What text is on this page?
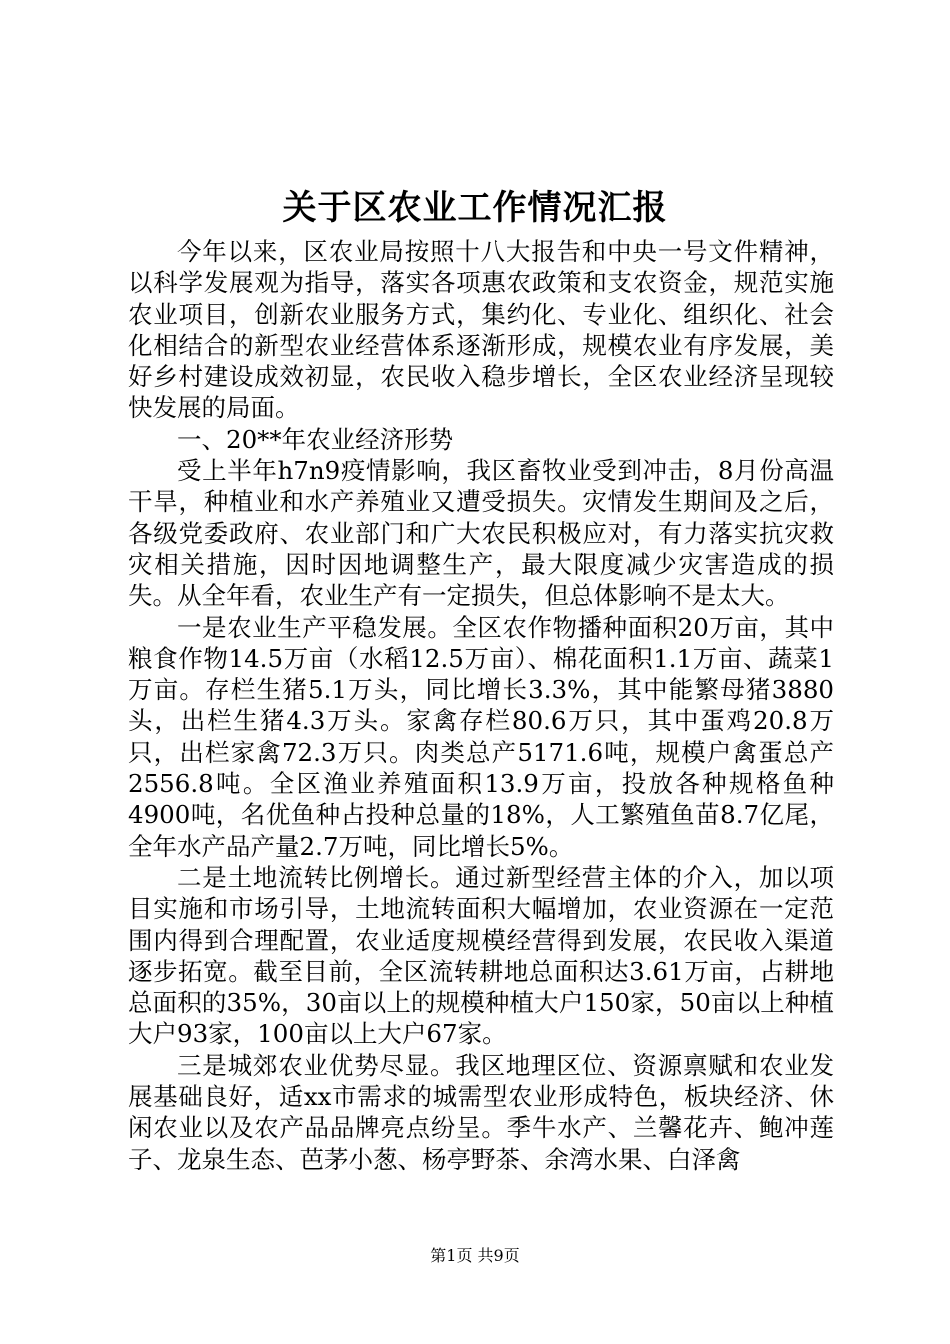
关于区农业工作情况汇报

今年以来，区农业局按照十八大报告和中央一号文件精神，以科学发展观为指导，落实各项惠农政策和支农资金，规范实施农业项目，创新农业服务方式，集约化、专业化、组织化、社会化相结合的新型农业经营体系逐渐形成，规模农业有序发展，美好乡村建设成效初显，农民收入稳步增长，全区农业经济呈现较快发展的局面。

一、20**年农业经济形势

受上半年h7n9疫情影响，我区畜牧业受到冲击，8月份高温干旱，种植业和水产养殖业又遭受损失。灾情发生期间及之后，各级党委政府、农业部门和广大农民积极应对，有力落实抗灾救灾相关措施，因时因地调整生产，最大限度减少灾害造成的损失。从全年看，农业生产有一定损失，但总体影响不是太大。

一是农业生产平稳发展。全区农作物播种面积20万亩，其中粮食作物14.5万亩（水稻12.5万亩）、棉花面积1.1万亩、蔬菜1万亩。存栏生猪5.1万头，同比增长3.3%，其中能繁母猪3880头，出栏生猪4.3万头。家禽存栏80.6万只，其中蛋鸡20.8万只，出栏家禽72.3万只。肉类总产5171.6吨，规模户禽蛋总产2556.8吨。全区渔业养殖面积13.9万亩，投放各种规格鱼种4900吨，名优鱼种占投种总量的18%，人工繁殖鱼苗8.7亿尾，全年水产品产量2.7万吨，同比增长5%。

二是土地流转比例增长。通过新型经营主体的介入，加以项目实施和市场引导，土地流转面积大幅增加，农业资源在一定范围内得到合理配置，农业适度规模经营得到发展，农民收入渠道逐步拓宽。截至目前，全区流转耕地总面积达3.61万亩，占耕地总面积的35%，30亩以上的规模种植大户150家，50亩以上种植大户93家，100亩以上大户67家。

三是城郊农业优势尽显。我区地理区位、资源禀赋和农业发展基础良好，适xx市需求的城需型农业形成特色，板块经济、休闲农业以及农产品品牌亮点纷呈。季牛水产、兰馨花卉、鲍冲莲子、龙泉生态、芭茅小葱、杨亭野茶、余湾水果、白泽禽

第1页 共9页
